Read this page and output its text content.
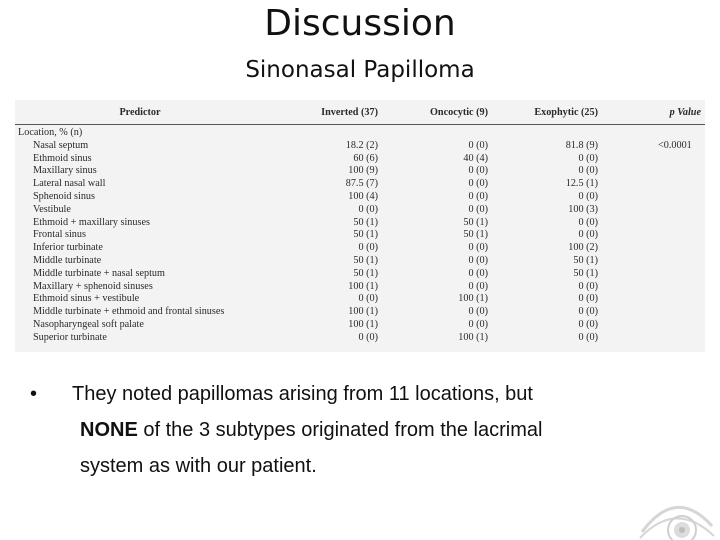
Discussion
Sinonasal Papilloma
Predictor	Inverted (37)	Oncocytic (9)	Exophytic (25)	p Value
Location, % (n)				
Nasal septum	18.2 (2)	0 (0)	81.8 (9)	<0.0001
Ethmoid sinus	60 (6)	40 (4)	0 (0)	
Maxillary sinus	100 (9)	0 (0)	0 (0)	
Lateral nasal wall	87.5 (7)	0 (0)	12.5 (1)	
Sphenoid sinus	100 (4)	0 (0)	0 (0)	
Vestibule	0 (0)	0 (0)	100 (3)	
Ethmoid + maxillary sinuses	50 (1)	50 (1)	0 (0)	
Frontal sinus	50 (1)	50 (1)	0 (0)	
Inferior turbinate	0 (0)	0 (0)	100 (2)	
Middle turbinate	50 (1)	0 (0)	50 (1)	
Middle turbinate + nasal septum	50 (1)	0 (0)	50 (1)	
Maxillary + sphenoid sinuses	100 (1)	0 (0)	0 (0)	
Ethmoid sinus + vestibule	0 (0)	100 (1)	0 (0)	
Middle turbinate + ethmoid and frontal sinuses	100 (1)	0 (0)	0 (0)	
Nasopharyngeal soft palate	100 (1)	0 (0)	0 (0)	
Superior turbinate	0 (0)	100 (1)	0 (0)	
• They noted papillomas arising from 11 locations, but
NONE of the 3 subtypes originated from the lacrimal
system as with our patient.
